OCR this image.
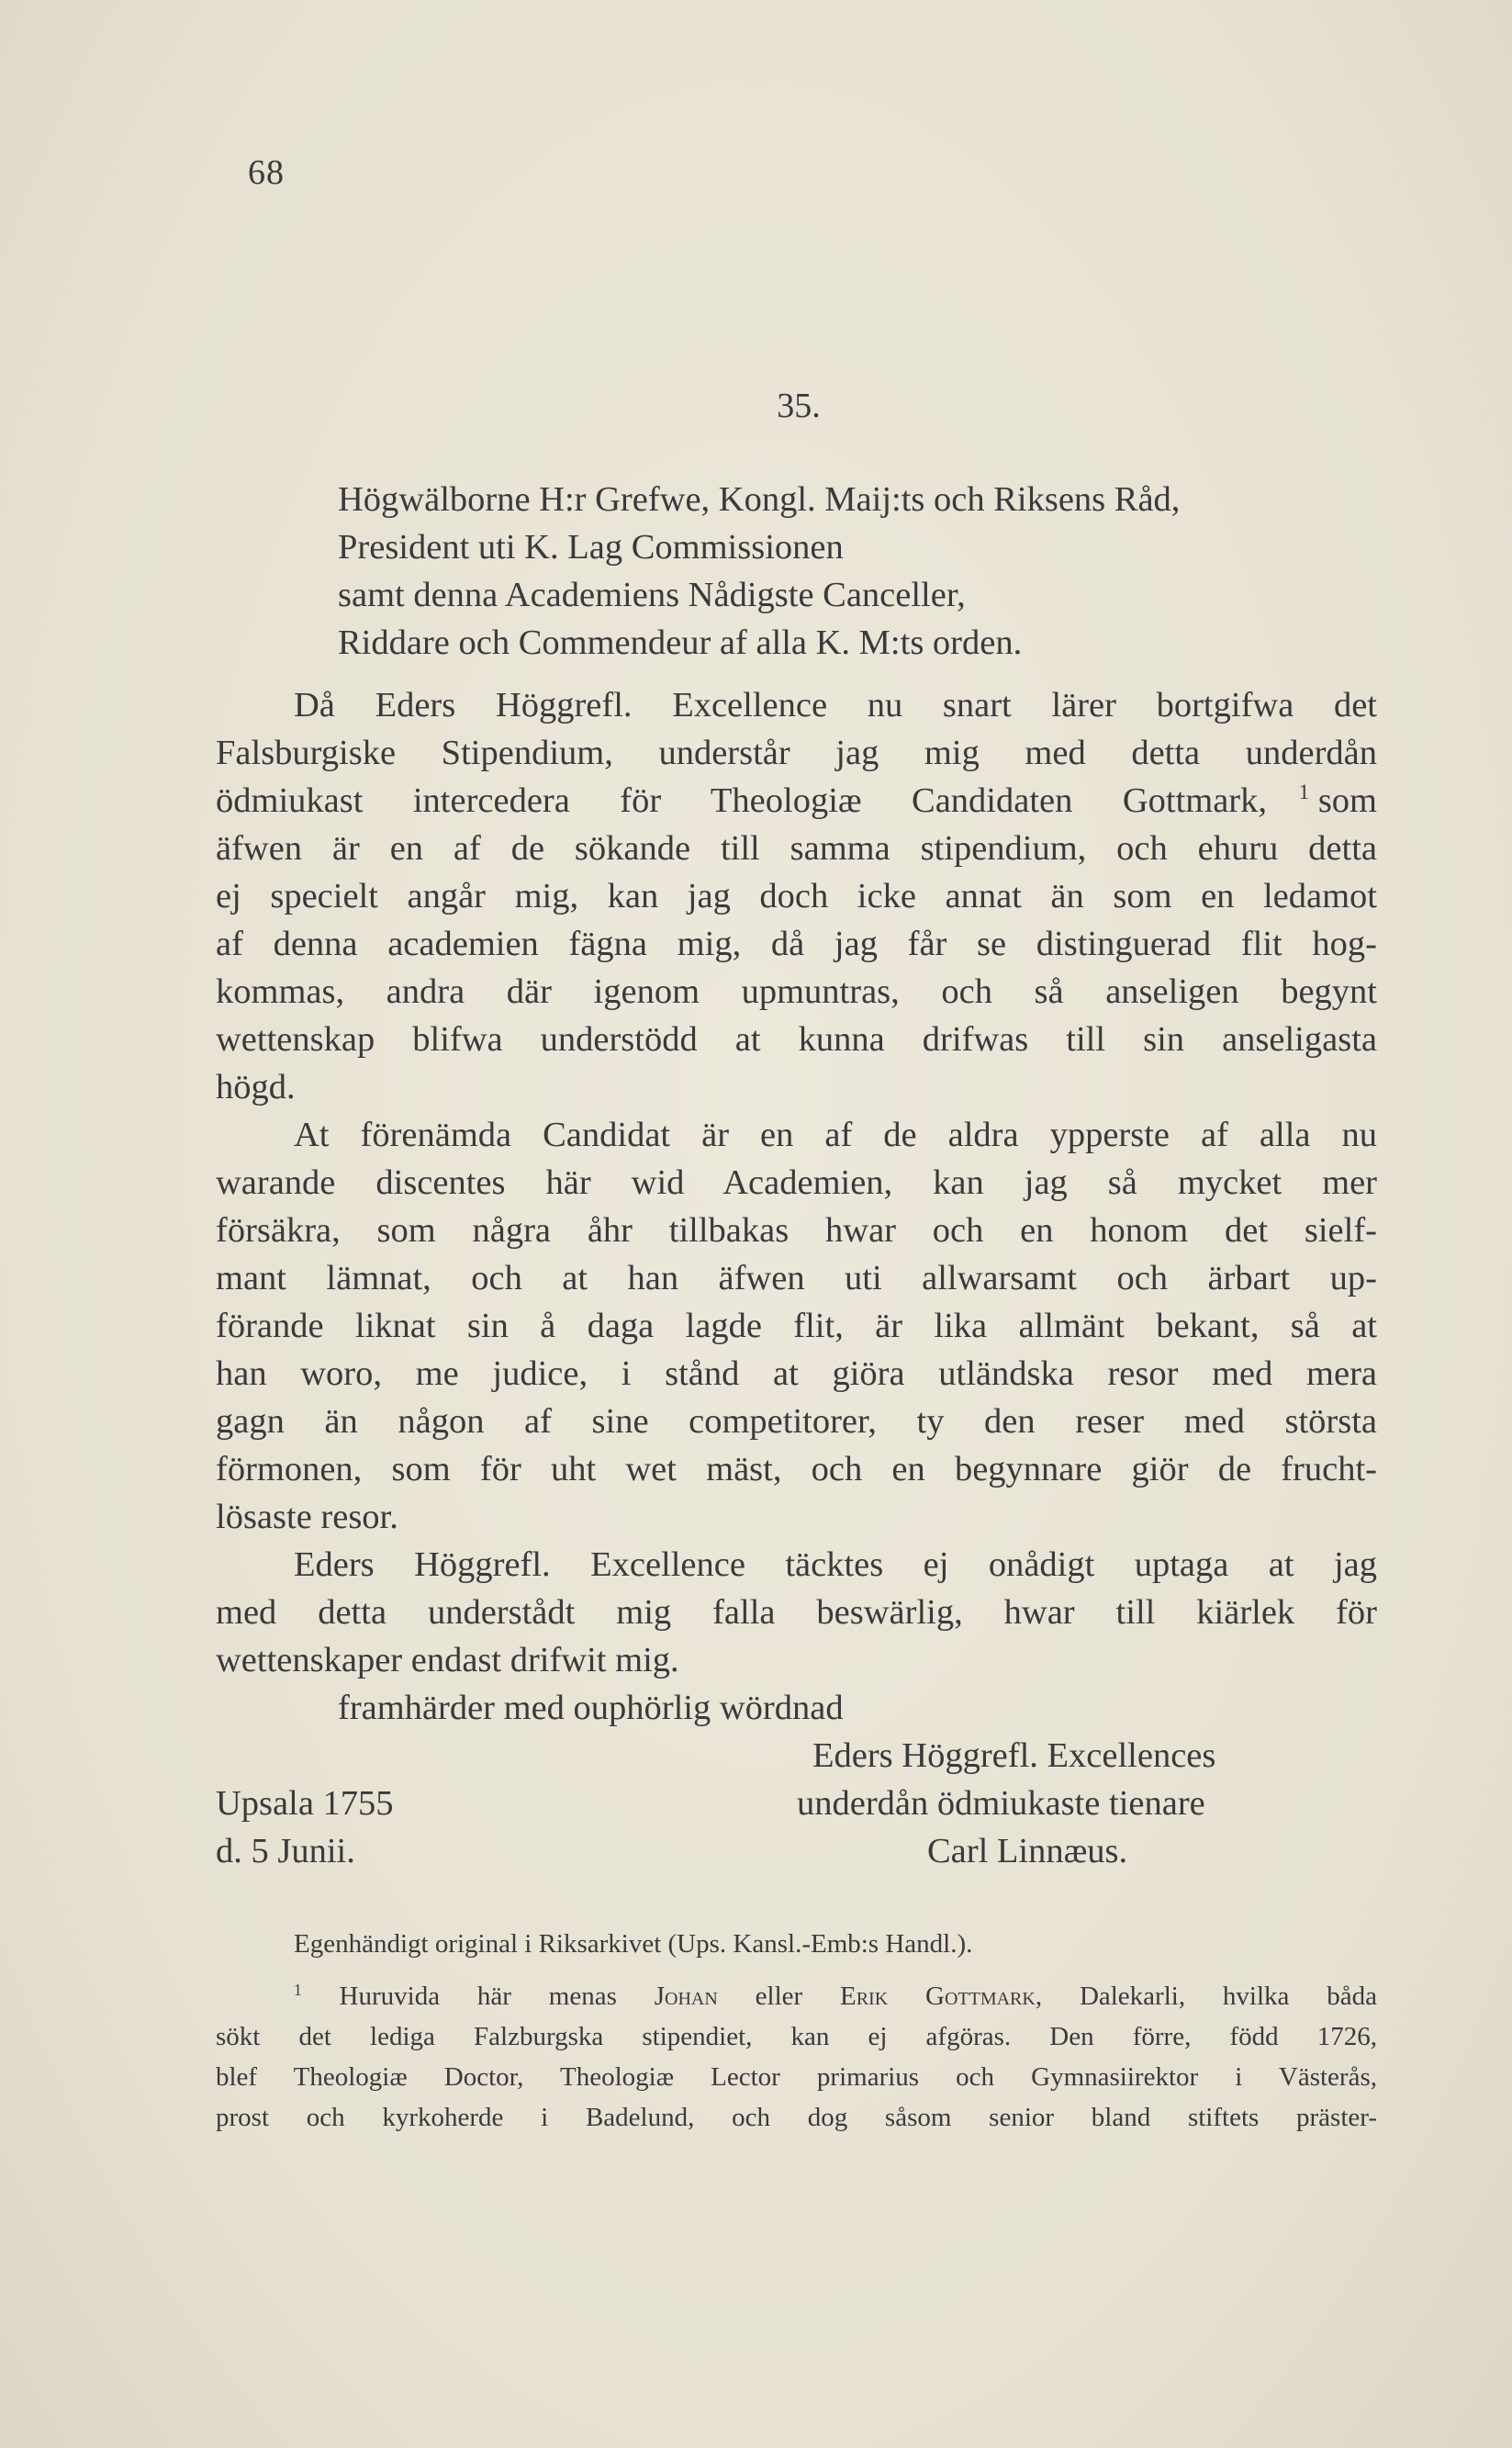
68
35.
Högwälborne H:r Grefwe, Kongl. Maij:ts och Riksens Råd,
President uti K. Lag Commissionen
samt denna Academiens Nådigste Canceller,
Riddare och Commendeur af alla K. M:ts orden.
Då Eders Höggrefl. Excellence nu snart lärer bortgifwa det
Falsburgiske Stipendium, understår jag mig med detta underdån
ödmiukast intercedera för Theologiæ Candidaten Gottmark, $^1$ som
äfwen är en af de sökande till samma stipendium, och ehuru detta
ej specielt angår mig, kan jag doch icke annat än som en ledamot
af denna academien fägna mig, då jag får se distinguerad flit hog-
kommas, andra där igenom upmuntras, och så anseligen begynt
wettenskap blifwa understödd at kunna drifwas till sin anseligasta
högd.
At förenämda Candidat är en af de aldra ypperste af alla nu
warande discentes här wid Academien, kan jag så mycket mer
försäkra, som några åhr tillbakas hwar och en honom det sielf-
mant lämnat, och at han äfwen uti allwarsamt och ärbart up-
förande liknat sin å daga lagde flit, är lika allmänt bekant, så at
han woro, me judice, i stånd at giöra utländska resor med mera
gagn än någon af sine competitorer, ty den reser med största
förmonen, som för uht wet mäst, och en begynnare giör de frucht-
lösaste resor.
Eders Höggrefl. Excellence täcktes ej onådigt uptaga at jag
med detta understådt mig falla beswärlig, hwar till kiärlek för
wettenskaper endast drifwit mig.
framhärder med ouphörlig wördnad
Eders Höggrefl. Excellences
Upsala 1755	underdån ödmiukaste tienare
d. 5 Junii.	Carl Linnæus.
Egenhändigt original i Riksarkivet (Ups. Kansl.-Emb:s Handl.).
$^1$ Huruvida här menas Johan eller Erik Gottmark, Dalekarli, hvilka båda
sökt det lediga Falzburgska stipendiet, kan ej afgöras. Den förre, född 1726,
blef Theologiæ Doctor, Theologiæ Lector primarius och Gymnasiirektor i Västerås,
prost och kyrkoherde i Badelund, och dog såsom senior bland stiftets präster-
